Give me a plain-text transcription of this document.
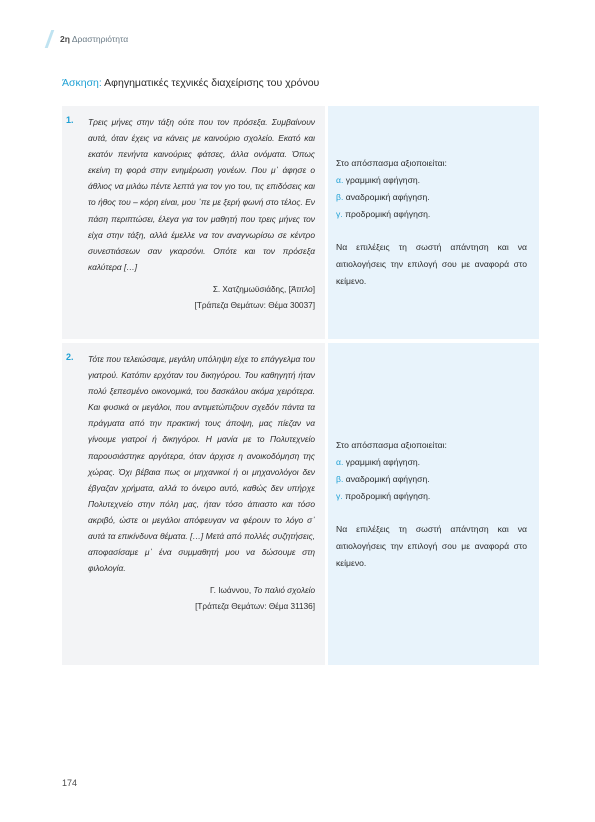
2η Δραστηριότητα
Άσκηση: Αφηγηματικές τεχνικές διαχείρισης του χρόνου
1. Τρεις μήνες στην τάξη ούτε που τον πρόσεξα. Συμβαίνουν αυτά, όταν έχεις να κάνεις με καινούριο σχολείο. Εκατό και εκατόν πενήντα καινούριες φάτσες, άλλα ονόματα. Όπως εκείνη τη φορά στην ενημέρωση γονέων. Που μ᾽ άφησε ο άθλιος να μιλάω πέντε λεπτά για τον γιο του, τις επιδόσεις και το ήθος του – κόρη είναι, μου ᾽πε με ξερή φωνή στο τέλος. Εν πάση περιπτώσει, έλεγα για τον μαθητή που τρεις μήνες τον είχα στην τάξη, αλλά έμελλε να τον αναγνωρίσω σε κέντρο συνεστιάσεων σαν γκαρσόνι. Οπότε και τον πρόσεξα καλύτερα […]
Σ. Χατζημωϋσιάδης, [Άτιτλο]
[Τράπεζα Θεμάτων: Θέμα 30037]
Στο απόσπασμα αξιοποιείται:
α. γραμμική αφήγηση.
β. αναδρομική αφήγηση.
γ. προδρομική αφήγηση.
Να επιλέξεις τη σωστή απάντηση και να αιτιολογήσεις την επιλογή σου με αναφορά στο κείμενο.
2. Τότε που τελειώσαμε, μεγάλη υπόληψη είχε το επάγγελμα του γιατρού. Κατόπιν ερχόταν του δικηγόρου. Του καθηγητή ήταν πολύ ξεπεσμένο οικονομικά, του δασκάλου ακόμα χειρότερα. Και φυσικά οι μεγάλοι, που αντιμετώπιζουν σχεδόν πάντα τα πράγματα από την πρακτική τους άποψη, μας πίεζαν να γίνουμε γιατροί ή δικηγόροι. Η μανία με το Πολυτεχνείο παρουσιάστηκε αργότερα, όταν άρχισε η ανοικοδόμηση της χώρας. Όχι βέβαια πως οι μηχανικοί ή οι μηχανολόγοι δεν έβγαζαν χρήματα, αλλά το όνειρο αυτό, καθώς δεν υπήρχε Πολυτεχνείο στην πόλη μας, ήταν τόσο άπιαστο και τόσο ακριβό, ώστε οι μεγάλοι απόφευγαν να φέρουν το λόγο σ᾽ αυτά τα επικίνδυνα θέματα. […] Μετά από πολλές συζητήσεις, αποφασίσαμε μ᾽ ένα συμμαθητή μου να δώσουμε στη φιλολογία.
Γ. Ιωάννου, Το παλιό σχολείο
[Τράπεζα Θεμάτων: Θέμα 31136]
Στο απόσπασμα αξιοποιείται:
α. γραμμική αφήγηση.
β. αναδρομική αφήγηση.
γ. προδρομική αφήγηση.
Να επιλέξεις τη σωστή απάντηση και να αιτιολογήσεις την επιλογή σου με αναφορά στο κείμενο.
174
